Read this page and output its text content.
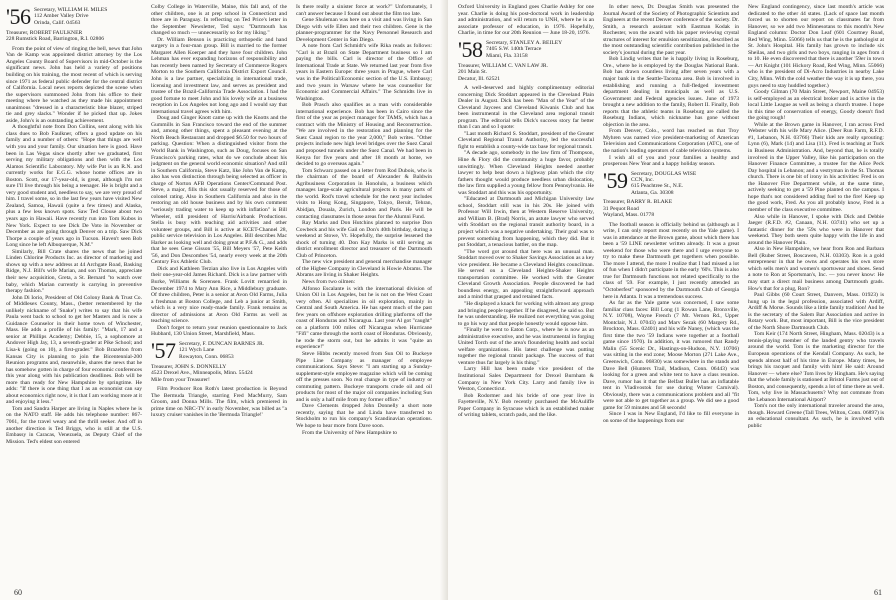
'56 Secretary, WILLIAM H. MILES
112 Amber Valley Drive
Orinda, Calif. 04563
Treasurer, ROBERT FAULKNER
228 Rumstick Road, Barrington, R.I. 02806

From the point of view of ringing the bell, news that John Van de Kamp was appointed district attorney by the Los Angeles County Board of Supervisors in mid-October is the significant news. John has held a variety of positions building on his training, the most recent of which is serving since 1971 as federal public defender for the central district of California. Local news reports depicted the scene when the supervisors summoned John from his office to their meeting where he watched as they made his appointment unanimous "dressed in a characteristic blue blazer, striped tie and grey slacks." Wonder if he picked that up. Jokes aside, John's is an outstanding achievement.

A thoughtful note from Don Collins, sent along with his class dues to Bob Faulkner, offers a good update on his family and a number of others: "Hope that things are well with you and your family. Our situation here is good. Have been in Las Vegas since shortly after we graduated, first serving my military obligations and then with the Los Alamos Scientific Laboratory. My wife Pat is an R.N. and currently works for E.G.G. whose home offices are in Boston. Scott, our 17-year-old, is great, although I'm not sure I'll live through his being a teenager. He is bright and a very good student and, needless to say, we are very proud of him. I travel some, so in the last few years have visited New Zealand, Samoa, Hawaii (quite a few times) and Alaska, plus a few less known spots. Saw Ted Clouse about two years ago in Hawaii. Have recently run into Tom Kubos in New York. Expect to see Dick De Voto in November or December as are going through Denver on a trip. Saw Dick Thorpe a couple of years ago in Tucson. Haven't seen Bob Long since he left Albuquerque, N.M."

Similarly, Bill Crate shares the news that he joined Linden Chlorine Products Inc. as director of marketing and shows up with a new address at 44 Archgate Road, Basking Ridge, N.J. Bill's wife Marian, and son Thomas, appreciate their new acquisition, Greta, a St. Bernard "to watch over baby, which Marian currently is carrying in preventive therapy fashion."

John Di Iorio, President of Old Colony Bank & Trust Co. of Middlesex County, Mass., (better remembered by the unlikely nickname of 'Snake') writes to say that his wife Paula went back to school to get her Masters and is now a Guidance Counselor in their home town of Winchester, Mass. He adds a profile of his family: "Mark, 17 and a senior at Phillips Academy; Debbie, 15, a sophomore at Andover High Jay, 13, a seventh-grader at Pike School; and Lisa-k (going on 10), a first-grader." Bob Brazelton from Kansas City is planning to join the Bicentennial-200 Reunion programs and, meanwhile, shares the news that he has somehow gotten in charge of four economic conferences this year along with his publication deadlines. Bob will be more than ready for New Hampshire by springtime. He adds: "If there is one thing that I as an economist can say about economics right now, it is that I am working more at it and enjoying it less."

Tom and Sandra Harper are living in Naples where he is on the NATO staff. He adds his telephone number: 867-7061, for the travel weary and the thrill seeker. And off in another direction is Ted Briggs, who is still at the U.S. Embassy in Caracas, Venezuela, as Deputy Chief of the Mission. Ted's eldest son entered

Colby College in Waterville, Maine, this fall and, of the other children, one is at prep school in Connecticut and three are in Paraguay. In reflecting on Ted Price's letter in the September Newsletter, Ted says: "Dartmouth has changed so much — unnecessarily so for my liking."

Dr. William Benson is practicing orthopedic and hand surgery in a four-man group. Bill is married to the former Margaret Allen Koerper and they have four children. John Lehman has ever expanding horizons of responsibility and has recently been named by Secretary of Commerce Rogers Morton to the Southern California District Export Council. John is a law partner, specializing in international trade, licensing and investment law, and serves as president and trustee of the Brazil-California Trade Association. I had the good fortune to meet John and his lovely wife at a business reception in Los Angeles not long ago and I would say that international travel agrees with him.

Doug and Ginger Knott came up with the Knotts and the Gummills in San Francisco toward the end of the summer and, among other things, spent a pleasant evening at the North Beach Restaurant and dropped $6.50 for two hours of parking. Question: When a distinguished visitor from the World Bank in Washington, such as Doug, focuses on San Francisco's parking rates, what do we conclude about his judgment on the general world economic situation? And still in Southern California, Steve Katz, like John Van de Kamp, also has won distinction through being selected as officer in charge of Norton AFB Operations Center/Command Post. Steve, a major, fills this slot usually reserved for those of colonel rating. Also in Southern California and also in the restoring an old house business and by his own comment "seriously trading water to keep up with inflation" is Bill Wheeler, still president of Harris/Airbank Productions. Stella is busy with teaching aid activities and other volunteer groups, and Bill is active at KCET-Channel 28, public service television in Los Angeles. Bill describes Mac Harker as looking well and doing great at P.F.& G., and adds that he sees Gene Gisson '55, Bill Meyers '57, Pete Keith '56, and Don Descombes '54, nearly every week at the 20th Century Fox Athletic Club.

Dick and Kathleen Terzian also live in Los Angeles with their one-year-old James Richard. Dick is a law partner with Burke, Williams & Sorensen. Frank Lovitt remarried in December 1974 to Mary Ann Rice, a Middlebury graduate. Of three children, Peter is a senior at Avon Old Farms, Julia a freshman at Boston College, and Leb a junior at Smith, which is a very nice ready-made family. Frank remains as director of admissions at Avon Old Farms as well as teaching science.

Don't forget to return your reunion questionnaire to Jack Hubbard, 130 Union Street, Marshfield, Mass.

'57 Secretary, F. DUNCAN BARNES JR.
121 Wych Lane
Rowayton, Conn. 06853
Treasurer, JOHN S. DONNELLY
4523 Drexel Ave., Minneapolis, Minn. 55424
Mile from your Treasurer!

Film Producer Ron Roth's latest production is Beyond The Bermuda Triangle, starring Fred MacMurry, Sam Groom, and Donna Mills. The film, which premiered in prime time on NBC-TV in early November, was billed as "a luxury cruiser vanishes in the 'Bermuda Triangle!'

Is there really a sinister force at work?" Unfortunately, I can't answer because I found out about the film too late.

Gene Shuleman was here on a visit and was living in San Diego with wife Ellen and their two children. Gene is the planner-programmer for the Navy Personnel Research and Development Center in San Diego.

A note from Carl Schmidt's wife Rika reads as follows: "Carl is at Brazil on State Department business so I am paying the bills. Carl is director of the Office of International Trade at State. We returned last year from five years in Eastern Europe: three years in Prague, where Carl was in the Political/Economic section of the U.S. Embassy; and two years in Warsaw where he was counsellor for Economic and Commercial Affairs." The Schmidts live in Washington.

Bob Prasch also qualifies as a man with considerable international experience. Bob has been in Cairo since the first of the year as project manager for TAMS, which has a contract with the Ministry of Housing and Reconstruction. "We are involved in the restoration and planning for the Suez Canal region to the year 2,000," Bob writes. "Other projects include new high level bridges over the Suez Canal and proposed tunnels under the Suez Canal. We had been in Kenya for five years and after 18 month at home, we decided to go overseas again."

Tom Schwarz passed on a letter from Rod Dubois, who is the chairman of the board of Alexander & Baldwin Agribusiness Corporation in Honolulu, a business which manages large-scale agricultural projects in many parts of the world. Rod's travel schedule for the next year includes visits to Hong Kong, Singapore, Tokyo, Beruit, Tehran, Abidjan, Douala, Zurich, London and Paris. He will be contacting classmates in those areas for the Alumni Fund.

Ray Marks and Don Hutchins planned to surprise Don Cowbeck and his wife Gail on Don's 40th birthday, during a weekend at Stowe, Vt. Hopefully, the surprise lessened the shock of turning 40. Don Kay Marks is still serving as district enrollment director and treasurer of the Dartmouth Club of Princeton.

The new vice president and general merchandise manager of the Higbee Company in Cleveland is Howie Abrams. The Abrams are living in Shaker Heights.

News from two oilmen:

Alfonso Escalante is with the international division of Union Oil in Los Angeles, but he is not on the West Coast very often. Al specializes in oil exploration, mainly in Central and South America. He has spent much of the past few years on offshore exploration drilling platforms off the coast of Honduras and Nicaragua. Last year Al got "caught" on a platform 100 miles off Nicaragua when Hurricane "Fifi" came through the north coast of Honduras. Obviously, he rode the storm out, but he admits it was "quite an experience!"

Steve Hibbs recently moved from Sun Oil to Buckeye Pipe Line Company as manager of employee communications. Says Steve: "I am starting up a Sunday-supplement-style employee magazine which will be coming off the presses soon. No real change in type of industry or commuting pattern. Buckeye transports crude oil and oil products for most of the major oil companies including Sun and is only a half mile from my former office."

Dave Clements dropped John Donnelly a short note recently, saying that he and Linda have transferred to Stockholm to run his company's Scandinavian operations. We hope to hear more from Dave soon.

From the University of New Hampshire to

60

Oxford University in England goes Charlie Ashley for one year. Charlie is doing his post-doctoral work in leadership and administration, and will return to UNH, where he is an associate professor of education, in 1976. Hopefully, Charlie, in time for our 20th Reunion — June 18-20, 1976.

'58 Secretary, STANLEY A. BEILEY
7405 S.W. 140th Terrace
Miami, Fla. 33158
Treasurer, WILLIAM C. VAN LAW JR.
201 Main St.
Decatur, Ill. 62521

A well-deserved and highly complimentary editorial concerning Dick Stoddart appeared in the Cleveland Plain Dealer in August. Dick has been "Man of the Year" of the Cleveland Jaycees and Cleveland Kiwanis Club and has been instrumental in the Cleveland area regional transit program. The editorial tells Dick's success story far better than I can and so I quote:

"Last month Richard S. Stoddart, president of the Greater Cleveland Regional Transit Authority, led the successful fight to establish a county-wide tax base for regional transit.

"A decade ago, somebody in the law firm of Thompson, Hine & Flory did the community a huge favor, probably unwittingly. When Cleveland Heights needed another lawyer to help beat down a highway plan which the city fathers thought would produce needless urban dislocation, the law firm supplied a young fellow from Pennsylvania. He was Stoddart and this was his opportunity.

"Educated at Dartmouth and Michigan University law school, Stoddart still was in his 20s. He joined with Professor Will Irwin, then at Western Reserve University, and William B. (Brad) Norris, an astute lawyer who served with Stoddart on the regional transit authority board, in a project which was a negative undertaking. Their goal was to prevent something from happening, which they did. But it put Stoddart, a tenacious battler, on the map.

"The word got around that here was an unusual man. Stoddart moved over to Shaker Savings Association as a key vice president. He became a Cleveland Heights councilman. He served on a Cleveland Heights-Shaker Heights transportation committee. He worked with the Greater Cleveland Growth Association. People discovered he had boundless energy, an appealing straightforward approach and a mind that grasped and retained facts.

"He displayed a knack for working with almost any group and bringing people together. If he disagreed, he said so. But he was understanding. He realized not everything was going to go his way and that people honestly would oppose him.

"Finally he went to Eaton Corp., where he is now as an administrative executive, and he was instrumental in forging United Torch out of the area's floundering health and social welfare organizations. His latest challenge was putting together the regional transit package. The success of that venture thus far largely is his thing."

Larry Hill has been made vice president of the Institutional Sales Department for Drexel Burnham & Company in New York City. Larry and family live in Weston, Connecticut.

Bob Rodormer and his bride of one year live in Fayetteville, N.Y. Bob recently purchased the McAuliffe Paper Company in Syracuse which is an established maker of writing tablets, scratch pads, and the like.

In other news, Dr. Douglas Smith was presented the Journal Award of the Society of Photographic Scientists and Engineers at the recent Denver conference of the society. Dr. Smith, a research assistant with Eastman Kodak in Rochester, won the award with his paper reviewing crystal structures of interest for emulsion sensitization, described as the most outstanding scientific contribution published in the society's journal during the past year.

Bob Lindig writes that he is happily living in Roseburg, Ore., where he is employed by the Douglas National Bank. Bob has drawn countless living after seven years with a major bank in the Seattle-Tacoma area. Bob is involved in establishing and running a full-fledged investment department dealing in municipals as well as U.S. Government and Federal agencies issues. June of 1973 brought a new addition to the family, Robert II. Finally, Bob reports that the athletic teams in Roseburg are called the Roseburg Indians, which nickname has gone without objection in the area.

From Denver, Colo., word has reached us that Troy Myhren was named vice president-marketing of American Television and Communications Corporation (ATC), one of the nation's leading operators of cable television systems.

I wish all of you and your families a healthy and prosperous New Year and a happy holiday season.

'59 Secretary, DOUGLAS WISE
CCN, Inc.
615 Peachtree St., N.E.
Atlanta, Ga. 30308
Treasurer, BARRY R. BLAKE
31 Pequot Road
Wayland, Mass. 01778

The football season is officially behind us (although as I write, I can only report most recently on the Yale game). I was in attendance at the Brown game, about which there has been a '59 LINE newsletter written already. It was a great weekend for those who were there and I urge everyone to try to make these Dartmouth get togethers when possible. The more I attend, the more I realize that I had missed a lot of fun when I didn't participate in the early '60's. This is also true for Dartmouth functions not related specifically to the class of '59. For example, I just recently attended an "Octoberfest" sponsored by the Dartmouth Club of Georgia here in Atlanta. It was a tremendous success.

As far as the Yale game was concerned, I saw some familiar class faces: Bill Long (1 Rowan Lane, Bronxville, N.Y. 10708), Wayne French (7 Mt. Vernon Rd., Upper Montclair, N.J. 07043) and Marv Sezak (60 Margery Rd., Brockton, Mass. 02401) and his wife Naney, (which was the first time the two '59 Indians were together at a football game since 1970). In addition, it was rumored that Randy Malin (55 Scenic Dr., Hastings-on-Hudson, N.Y. 10706) was sitting in the end zone; Moose Morton (271 Lake Ave., Greenwich, Conn. 06830) was somewhere in the stands and Dave Bell (Hunters Trail, Madison, Conn. 06443) was looking for a green and white tent to have a class reunion. Dave, rumor has it that the Belfast Bullet has an inflatable tent in Vladivostok for use during Winter Carnival). Obviously, there was a communications problem and all "fit were not able to get together as a group. We did see a good game for 59 minutes and 58 seconds!

Since I was in New England, I'd like to fill everyone in on some of the happenings from our

New England contingency, since last month's article was dedicated to the other 44 states. (Lack of space last month forced us to shorten our report on classmates far from Hanover, so we add two Minnesotans to this month's New England column: Doctor Don Leaf (601 Courtney Road, Red Wing, Minn. 55066) tells us that he is the pathologist at St. John's Hospital. His family has grown to include six Sheilas, and two girls and two boys, ranging in ages from 4 to 10. He even discovered that there is another '59er in town — Art Knight (101 Hickory Road, Red Wing, Minn. 55066) who is the president of Di-Acro Industries in nearby Lake City, Minn. With the cold weather the way it is up there, you guys need to stay huddled together.)

Goody Gilman (70 Main Street, Newport, Maine 04953) is self-employed as an electrical broker and is active in the local Little League as well as being a church trustee. I hope in this time of conservation of energy, Goody doesn't find the going rough!

While at the Brown game in Hanover, I ran across Fred Webster with his wife Mary Alice. (Deer Run Farm, R.F.D. #1, Lebanon, N.H. 03766) Their kids are really sprouting: Lynn (6), Mark (14) and Lisa (11). Fred is teaching at Tuck in Business Administration. And, beyond that, he is totally involved in the Upper Valley, like his participation on the Hanover Finance Committee, a trustee for the Alice Peck Day hospital in Lebanon; and a vestryman in the St. Thomas church. There is one bit of irony in his activities: Fred is on the Hanover Fire Department while, at the same time, actively seeking to get a '59 Pine planted on the campus. I hope that's not considered adding fuel to the fire! Keep up the good work, Fred. As you all probably know, Fred is a member of the class executive committee.

Also while in Hanover, I spoke with Dick and Debbie Jaeger (R.F.D. #2, Canaan, N.H. 03741) who set up a fantastic dinner for the '59s who were in Hanover that weekend. They both seem quite happy with the life in and around the Hanover Plain.

Also in New Hampshire, we hear from Ron and Barbara Bell (Ruber Street, Boscawen, N.H. 03303). Ron is a gold entrepreneur in that he owns and operates his own store which sells men's and women's sportswear and shoes. Send a note to Ron at Sportsman's, Inc. — you never know: He may start a direct mail business among Dartmouth grads. How's that for a plug, Ron?

Paul Gibbs (60 Court Street, Danvers, Mass. 01923) is hung up in the legal profession, associated with Ardiff, Ardiff & Morse. Sounds like a little family tradition! And he is the secretary of the Salem Bar Association and active in Rotary work. But, most important, Bill is the vice president of the North Shore Dartmouth Club.

Tom Keir (174 North Street, Hingham, Mass. 02043) is a tennis-playing member of the landed gentry who travels around the world. Tom is the marketing director for the European operations of the Kendall Company. As such, he spends almost half of his time in Europe. Many times, he brings his racquet and family with him! He said: Around Hanover — where else? Tom lives by Hingham. He's saying that the whole family is stationed at Bristol Farms just out of Boston, and consequently, spends a lot of time there as well. Tom, why live in Massachusetts? Why not commute from the Lebanon International Airport?

Tom's not the only international traveler around the area, though. Howard Greene (Tall Trees, Wilton, Conn. 06897) is an educational consultant. As such, he is involved with public

61
